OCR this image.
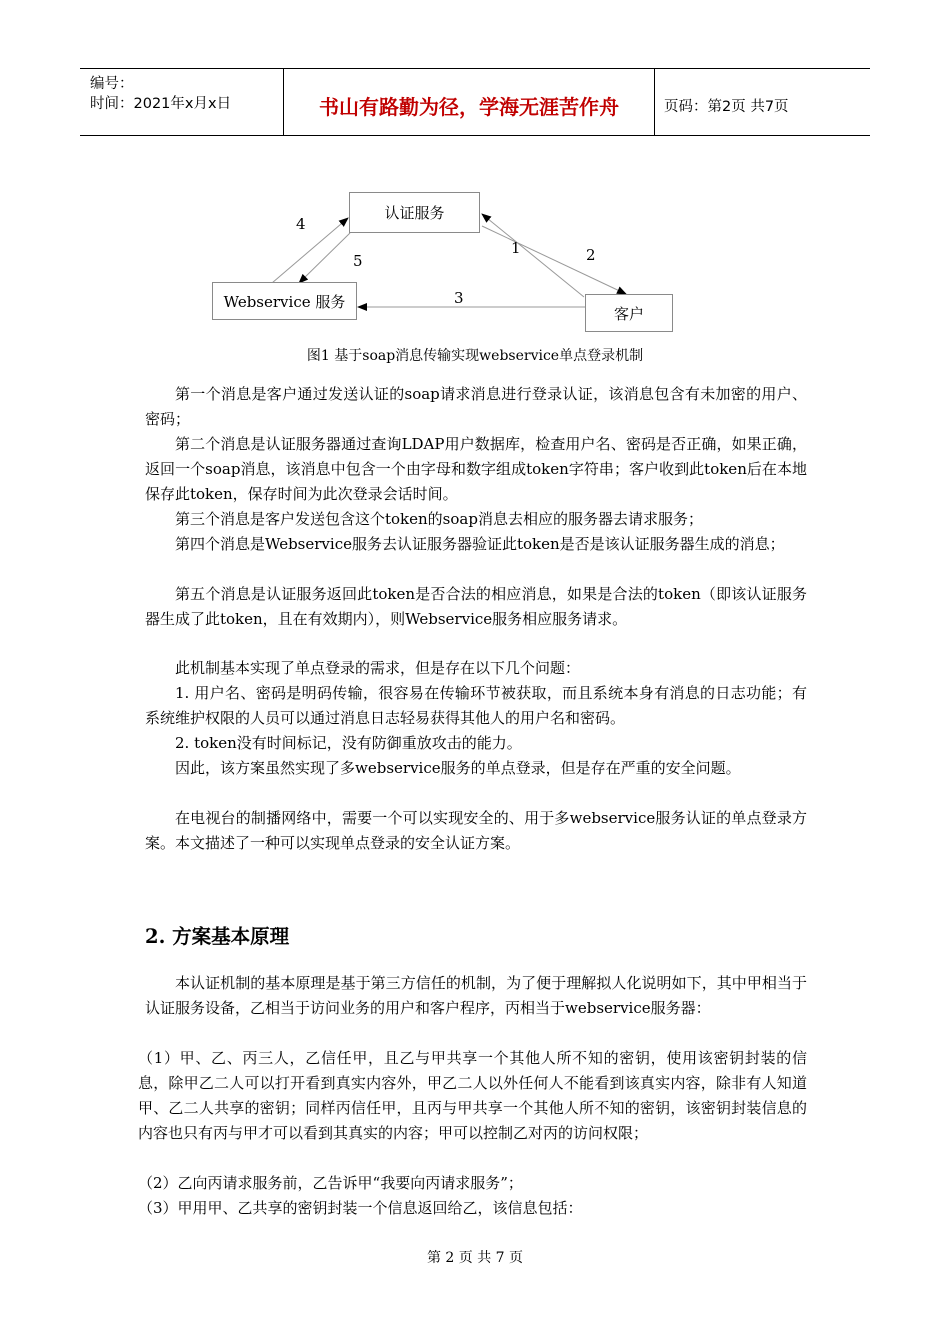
编号：
时间：2021年x月x日	书山有路勤为径，学海无涯苦作舟	页码：第2页 共7页
认证服务
Webservice 服务
客户
1	2
3
4
5
图1 基于soap消息传输实现webservice单点登录机制

第一个消息是客户通过发送认证的soap请求消息进行登录认证，该消息包含有未加密的用户、密码；

第二个消息是认证服务器通过查询LDAP用户数据库，检查用户名、密码是否正确，如果正确，返回一个soap消息，该消息中包含一个由字母和数字组成token字符串；客户收到此token后在本地保存此token，保存时间为此次登录会话时间。

第三个消息是客户发送包含这个token的soap消息去相应的服务器去请求服务；

第四个消息是Webservice服务去认证服务器验证此token是否是该认证服务器生成的消息；

第五个消息是认证服务返回此token是否合法的相应消息，如果是合法的token（即该认证服务器生成了此token，且在有效期内），则Webservice服务相应服务请求。

此机制基本实现了单点登录的需求，但是存在以下几个问题：

1. 用户名、密码是明码传输，很容易在传输环节被获取，而且系统本身有消息的日志功能；有系统维护权限的人员可以通过消息日志轻易获得其他人的用户名和密码。

2. token没有时间标记，没有防御重放攻击的能力。

因此，该方案虽然实现了多webservice服务的单点登录，但是存在严重的安全问题。

在电视台的制播网络中，需要一个可以实现安全的、用于多webservice服务认证的单点登录方案。本文描述了一种可以实现单点登录的安全认证方案。

2. 方案基本原理

本认证机制的基本原理是基于第三方信任的机制，为了便于理解拟人化说明如下，其中甲相当于认证服务设备，乙相当于访问业务的用户和客户程序，丙相当于webservice服务器：

（1）甲、乙、丙三人，乙信任甲，且乙与甲共享一个其他人所不知的密钥，使用该密钥封装的信息，除甲乙二人可以打开看到真实内容外，甲乙二人以外任何人不能看到该真实内容，除非有人知道甲、乙二人共享的密钥；同样丙信任甲，且丙与甲共享一个其他人所不知的密钥，该密钥封装信息的内容也只有丙与甲才可以看到其真实的内容；甲可以控制乙对丙的访问权限；

（2）乙向丙请求服务前，乙告诉甲“我要向丙请求服务”；

（3）甲用甲、乙共享的密钥封装一个信息返回给乙，该信息包括：

第 2 页 共 7 页
